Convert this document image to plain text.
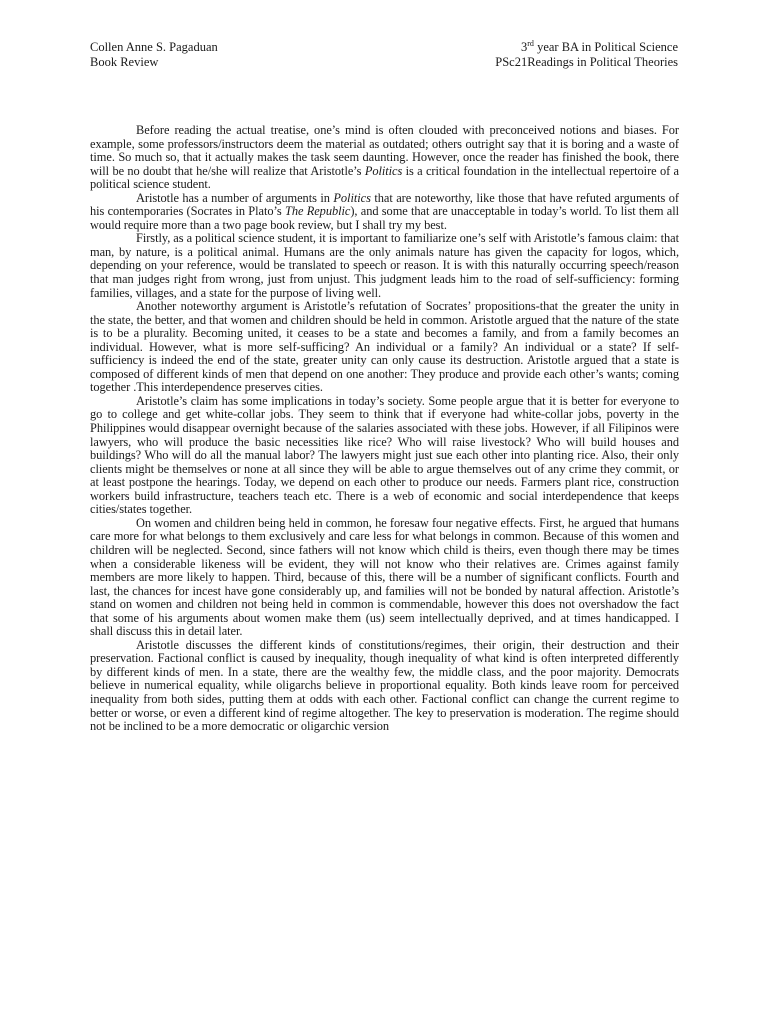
Collen Anne S. Pagaduan	3rd year BA in Political Science
Book Review	PSc21Readings in Political Theories

Before reading the actual treatise, one’s mind is often clouded with preconceived notions and biases. For example, some professors/instructors deem the material as outdated; others outright say that it is boring and a waste of time. So much so, that it actually makes the task seem daunting. However, once the reader has finished the book, there will be no doubt that he/she will realize that Aristotle’s Politics is a critical foundation in the intellectual repertoire of a political science student.

Aristotle has a number of arguments in Politics that are noteworthy, like those that have refuted arguments of his contemporaries (Socrates in Plato’s The Republic), and some that are unacceptable in today’s world. To list them all would require more than a two page book review, but I shall try my best.

Firstly, as a political science student, it is important to familiarize one’s self with Aristotle’s famous claim: that man, by nature, is a political animal. Humans are the only animals nature has given the capacity for logos, which, depending on your reference, would be translated to speech or reason. It is with this naturally occurring speech/reason that man judges right from wrong, just from unjust. This judgment leads him to the road of self-sufficiency: forming families, villages, and a state for the purpose of living well.

Another noteworthy argument is Aristotle’s refutation of Socrates’ propositions-that the greater the unity in the state, the better, and that women and children should be held in common. Aristotle argued that the nature of the state is to be a plurality. Becoming united, it ceases to be a state and becomes a family, and from a family becomes an individual. However, what is more self-sufficing? An individual or a family? An individual or a state? If self-sufficiency is indeed the end of the state, greater unity can only cause its destruction. Aristotle argued that a state is composed of different kinds of men that depend on one another: They produce and provide each other’s wants; coming together .This interdependence preserves cities.

Aristotle’s claim has some implications in today’s society. Some people argue that it is better for everyone to go to college and get white-collar jobs. They seem to think that if everyone had white-collar jobs, poverty in the Philippines would disappear overnight because of the salaries associated with these jobs. However, if all Filipinos were lawyers, who will produce the basic necessities like rice? Who will raise livestock? Who will build houses and buildings? Who will do all the manual labor? The lawyers might just sue each other into planting rice. Also, their only clients might be themselves or none at all since they will be able to argue themselves out of any crime they commit, or at least postpone the hearings. Today, we depend on each other to produce our needs. Farmers plant rice, construction workers build infrastructure, teachers teach etc. There is a web of economic and social interdependence that keeps cities/states together.

On women and children being held in common, he foresaw four negative effects. First, he argued that humans care more for what belongs to them exclusively and care less for what belongs in common. Because of this women and children will be neglected. Second, since fathers will not know which child is theirs, even though there may be times when a considerable likeness will be evident, they will not know who their relatives are. Crimes against family members are more likely to happen. Third, because of this, there will be a number of significant conflicts. Fourth and last, the chances for incest have gone considerably up, and families will not be bonded by natural affection. Aristotle’s stand on women and children not being held in common is commendable, however this does not overshadow the fact that some of his arguments about women make them (us) seem intellectually deprived, and at times handicapped. I shall discuss this in detail later.

Aristotle discusses the different kinds of constitutions/regimes, their origin, their destruction and their preservation. Factional conflict is caused by inequality, though inequality of what kind is often interpreted differently by different kinds of men. In a state, there are the wealthy few, the middle class, and the poor majority. Democrats believe in numerical equality, while oligarchs believe in proportional equality. Both kinds leave room for perceived inequality from both sides, putting them at odds with each other. Factional conflict can change the current regime to better or worse, or even a different kind of regime altogether. The key to preservation is moderation. The regime should not be inclined to be a more democratic or oligarchic version
